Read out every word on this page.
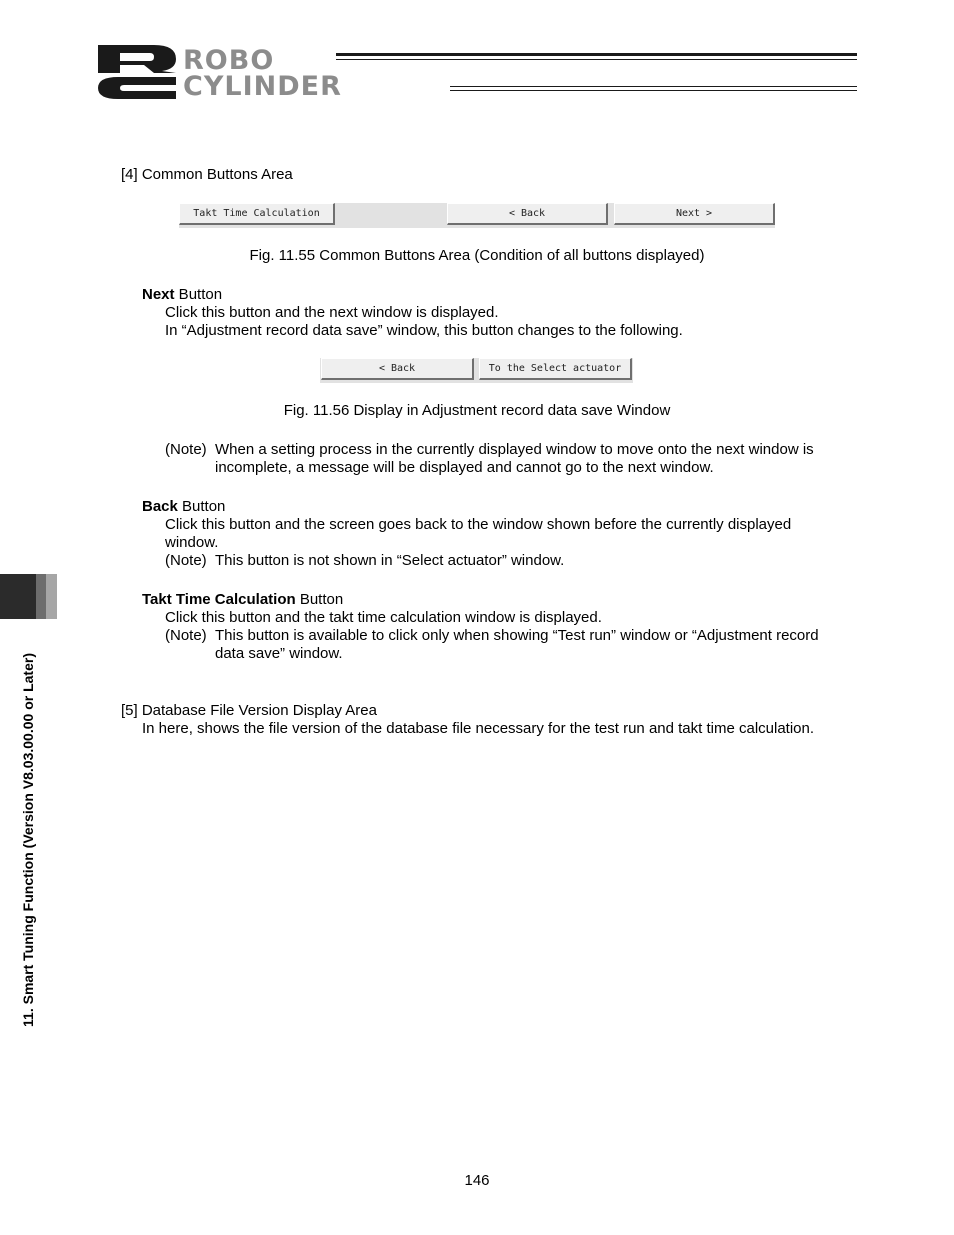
ROBO
CYLINDER
[4] Common Buttons Area
Takt Time Calculation	< Back	Next >
Fig. 11.55 Common Buttons Area (Condition of all buttons displayed)
Next Button
Click this button and the next window is displayed.
In “Adjustment record data save” window, this button changes to the following.
< Back	To the Select actuator
Fig. 11.56 Display in Adjustment record data save Window
(Note) When a setting process in the currently displayed window to move onto the next window is
incomplete, a message will be displayed and cannot go to the next window.
Back Button
Click this button and the screen goes back to the window shown before the currently displayed
window.
(Note) This button is not shown in “Select actuator” window.
Takt Time Calculation Button
Click this button and the takt time calculation window is displayed.
(Note) This button is available to click only when showing “Test run” window or “Adjustment record
data save” window.
[5] Database File Version Display Area
In here, shows the file version of the database file necessary for the test run and takt time calculation.
11. Smart Tuning Function (Version V8.03.00.00 or Later)
146
